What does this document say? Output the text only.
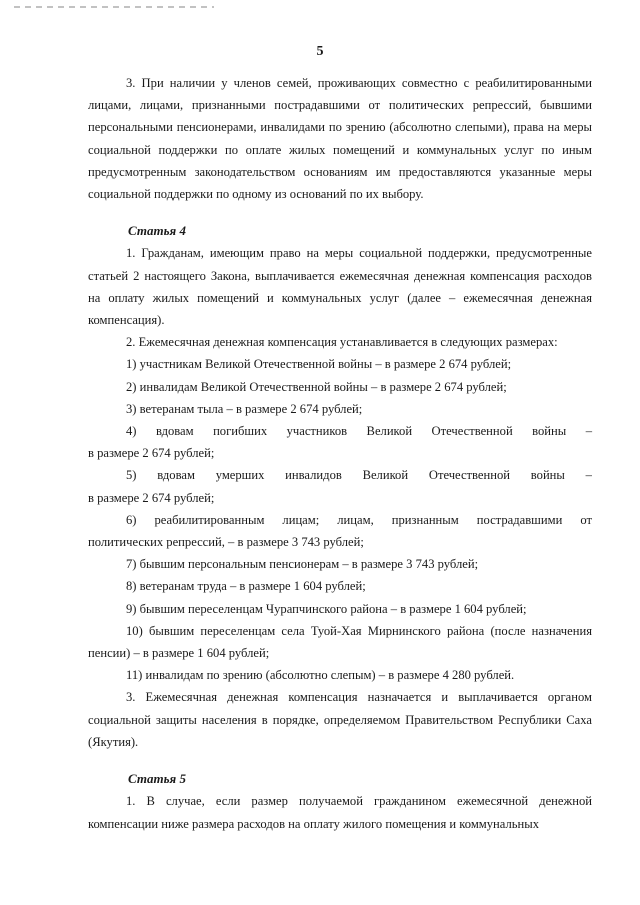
5

3. При наличии у членов семей, проживающих совместно с реабилитированными лицами, лицами, признанными пострадавшими от политических репрессий, бывшими персональными пенсионерами, инвалидами по зрению (абсолютно слепыми), права на меры социальной поддержки по оплате жилых помещений и коммунальных услуг по иным предусмотренным законодательством основаниям им предоставляются указанные меры социальной поддержки по одному из оснований по их выбору.

Статья 4

1. Гражданам, имеющим право на меры социальной поддержки, предусмотренные статьей 2 настоящего Закона, выплачивается ежемесячная денежная компенсация расходов на оплату жилых помещений и коммунальных услуг (далее – ежемесячная денежная компенсация).

2. Ежемесячная денежная компенсация устанавливается в следующих размерах:

1) участникам Великой Отечественной войны – в размере 2 674 рублей;

2) инвалидам Великой Отечественной войны – в размере 2 674 рублей;

3) ветеранам тыла – в размере 2 674 рублей;

4) вдовам погибших участников Великой Отечественной войны –

в размере 2 674 рублей;

5) вдовам умерших инвалидов Великой Отечественной войны –

в размере 2 674 рублей;

6) реабилитированным лицам; лицам, признанным пострадавшими от

политических репрессий, – в размере 3 743 рублей;

7) бывшим персональным пенсионерам – в размере 3 743 рублей;

8) ветеранам труда – в размере 1 604 рублей;

9) бывшим переселенцам Чурапчинского района – в размере 1 604 рублей;

10) бывшим переселенцам села Туой-Хая Мирнинского района (после назначения пенсии) – в размере 1 604 рублей;

11) инвалидам по зрению (абсолютно слепым) – в размере 4 280 рублей.

3. Ежемесячная денежная компенсация назначается и выплачивается органом социальной защиты населения в порядке, определяемом Правительством Республики Саха (Якутия).

Статья 5

1. В случае, если размер получаемой гражданином ежемесячной денежной компенсации ниже размера расходов на оплату жилого помещения и коммунальных
